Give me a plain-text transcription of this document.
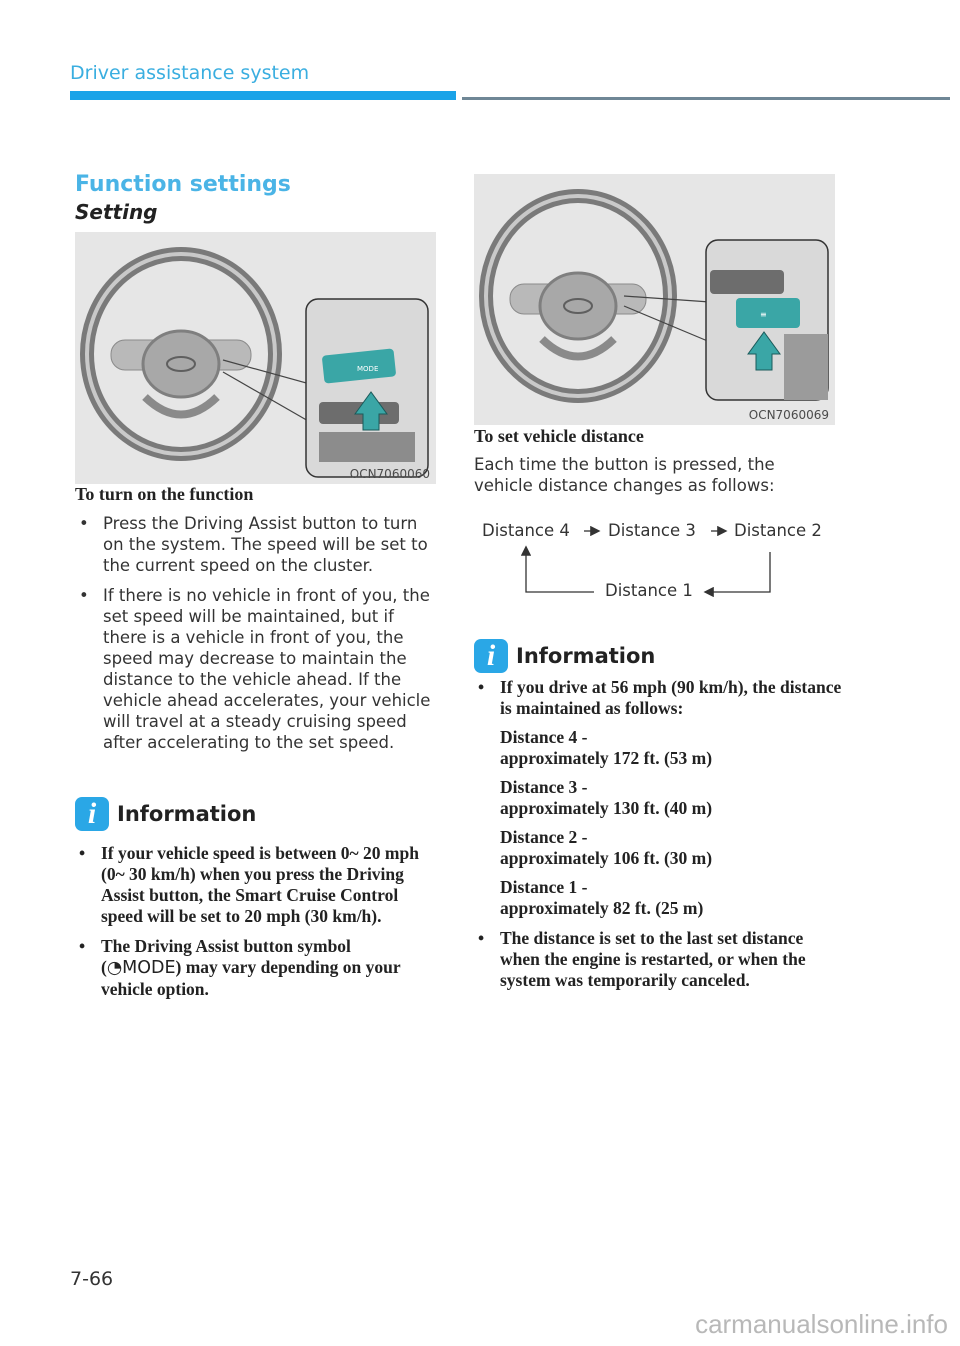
Driver assistance system
Function settings
Setting
MODE
OCN7060060
To turn on the function
• Press the Driving Assist button to turn on the system. The speed will be set to the current speed on the cluster.
• If there is no vehicle in front of you, the set speed will be maintained, but if there is a vehicle in front of you, the speed may decrease to maintain the distance to the vehicle ahead. If the vehicle ahead accelerates, your vehicle will travel at a steady cruising speed after accelerating to the set speed.
i Information
• If your vehicle speed is between 0~ 20 mph (0~ 30 km/h) when you press the Driving Assist button, the Smart Cruise Control speed will be set to 20 mph (30 km/h).
• The Driving Assist button symbol (◔MODE) may vary depending on your vehicle option.
≡
OCN7060069
To set vehicle distance
Each time the button is pressed, the vehicle distance changes as follows:
Distance 4 Distance 3 Distance 2
Distance 1
i Information
• If you drive at 56 mph (90 km/h), the distance is maintained as follows:
Distance 4 -
approximately 172 ft. (53 m)
Distance 3 -
approximately 130 ft. (40 m)
Distance 2 -
approximately 106 ft. (30 m)
Distance 1 -
approximately 82 ft. (25 m)
• The distance is set to the last set distance when the engine is restarted, or when the system was temporarily canceled.
7-66
carmanualsonline.info
